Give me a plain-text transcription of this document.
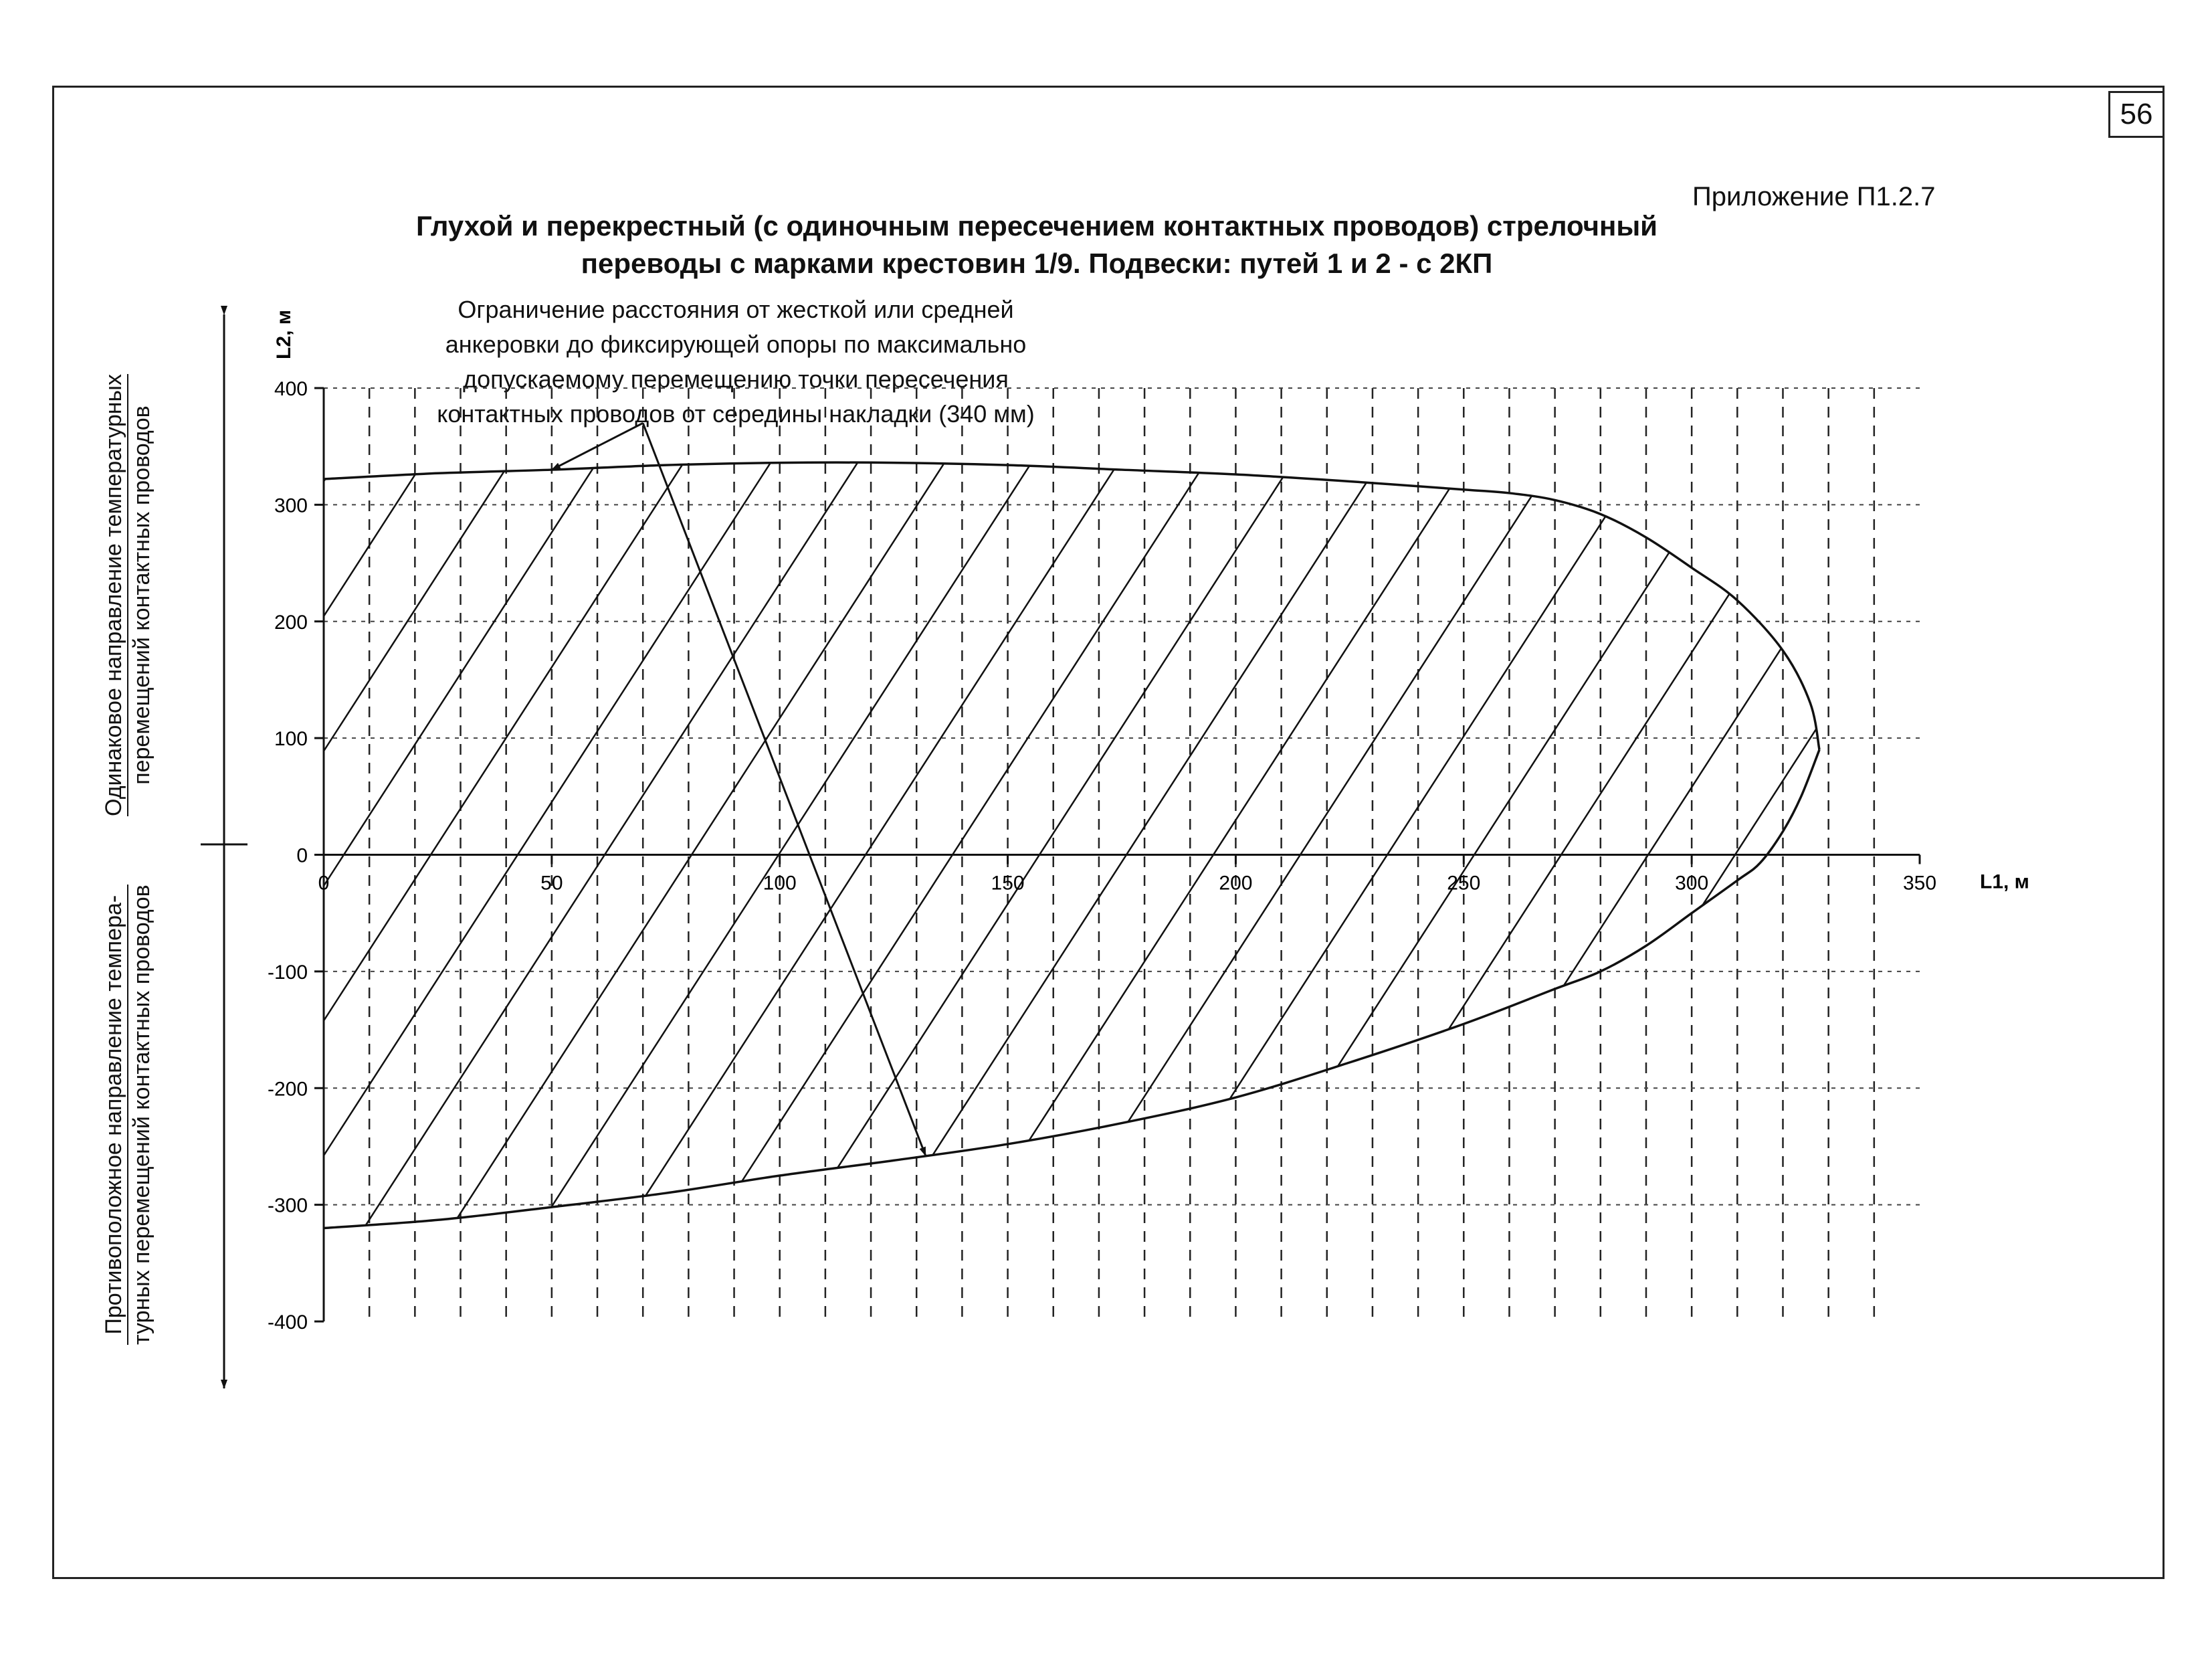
56
Приложение П1.2.7
Глухой и перекрестный (с одиночным пересечением контактных проводов) стрелочный
переводы с марками крестовин 1/9. Подвески: путей 1 и 2 - с 2КП
Ограничение расстояния от жесткой или средней
анкеровки до фиксирующей опоры по максимально
допускаемому перемещению точки пересечения
контактных проводов от середины накладки (340 мм)
Одинаковое направление температурных перемещений контактных проводов
Противоположное направление темпера- турных перемещений контактных проводов
0	50	100	150	200	250	300	350
400
300
200
100
0
-100
-200
-300
-400
L1, м
L2, м
